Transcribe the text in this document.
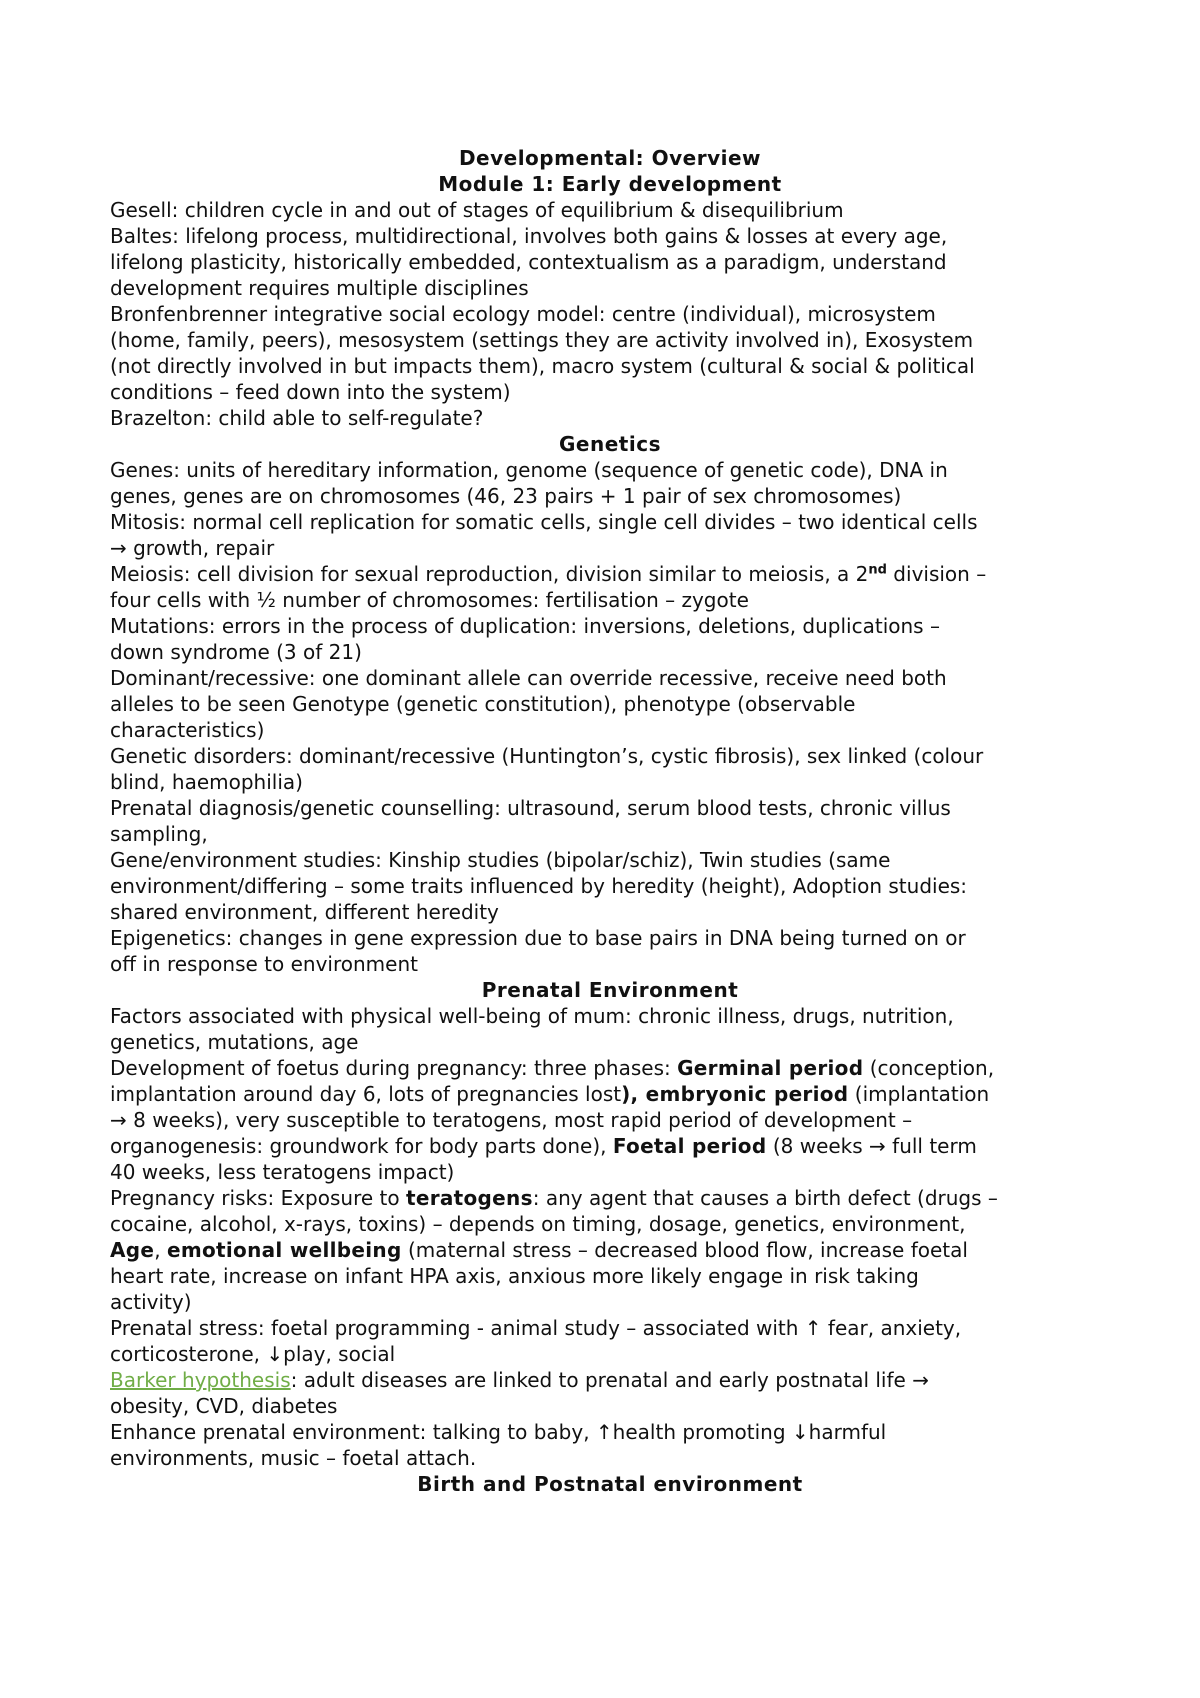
Developmental: Overview
Module 1: Early development
Gesell: children cycle in and out of stages of equilibrium & disequilibrium
Baltes: lifelong process, multidirectional, involves both gains & losses at every age,
lifelong plasticity, historically embedded, contextualism as a paradigm, understand
development requires multiple disciplines
Bronfenbrenner integrative social ecology model: centre (individual), microsystem
(home, family, peers), mesosystem (settings they are activity involved in), Exosystem
(not directly involved in but impacts them), macro system (cultural & social & political
conditions – feed down into the system)
Brazelton: child able to self-regulate?
Genetics
Genes: units of hereditary information, genome (sequence of genetic code), DNA in
genes, genes are on chromosomes (46, 23 pairs + 1 pair of sex chromosomes)
Mitosis: normal cell replication for somatic cells, single cell divides – two identical cells
→ growth, repair
Meiosis: cell division for sexual reproduction, division similar to meiosis, a 2nd division –
four cells with ½ number of chromosomes: fertilisation – zygote
Mutations: errors in the process of duplication: inversions, deletions, duplications –
down syndrome (3 of 21)
Dominant/recessive: one dominant allele can override recessive, receive need both
alleles to be seen Genotype (genetic constitution), phenotype (observable
characteristics)
Genetic disorders: dominant/recessive (Huntington’s, cystic fibrosis), sex linked (colour
blind, haemophilia)
Prenatal diagnosis/genetic counselling: ultrasound, serum blood tests, chronic villus
sampling,
Gene/environment studies: Kinship studies (bipolar/schiz), Twin studies (same
environment/differing – some traits influenced by heredity (height), Adoption studies:
shared environment, different heredity
Epigenetics: changes in gene expression due to base pairs in DNA being turned on or
off in response to environment
Prenatal Environment
Factors associated with physical well-being of mum: chronic illness, drugs, nutrition,
genetics, mutations, age
Development of foetus during pregnancy: three phases: Germinal period (conception,
implantation around day 6, lots of pregnancies lost), embryonic period (implantation
→ 8 weeks), very susceptible to teratogens, most rapid period of development –
organogenesis: groundwork for body parts done), Foetal period (8 weeks → full term
40 weeks, less teratogens impact)
Pregnancy risks: Exposure to teratogens: any agent that causes a birth defect (drugs –
cocaine, alcohol, x-rays, toxins) – depends on timing, dosage, genetics, environment,
Age, emotional wellbeing (maternal stress – decreased blood flow, increase foetal
heart rate, increase on infant HPA axis, anxious more likely engage in risk taking
activity)
Prenatal stress: foetal programming - animal study – associated with ↑ fear, anxiety,
corticosterone, ↓play, social
Barker hypothesis: adult diseases are linked to prenatal and early postnatal life →
obesity, CVD, diabetes
Enhance prenatal environment: talking to baby, ↑health promoting ↓harmful
environments, music – foetal attach.
Birth and Postnatal environment
